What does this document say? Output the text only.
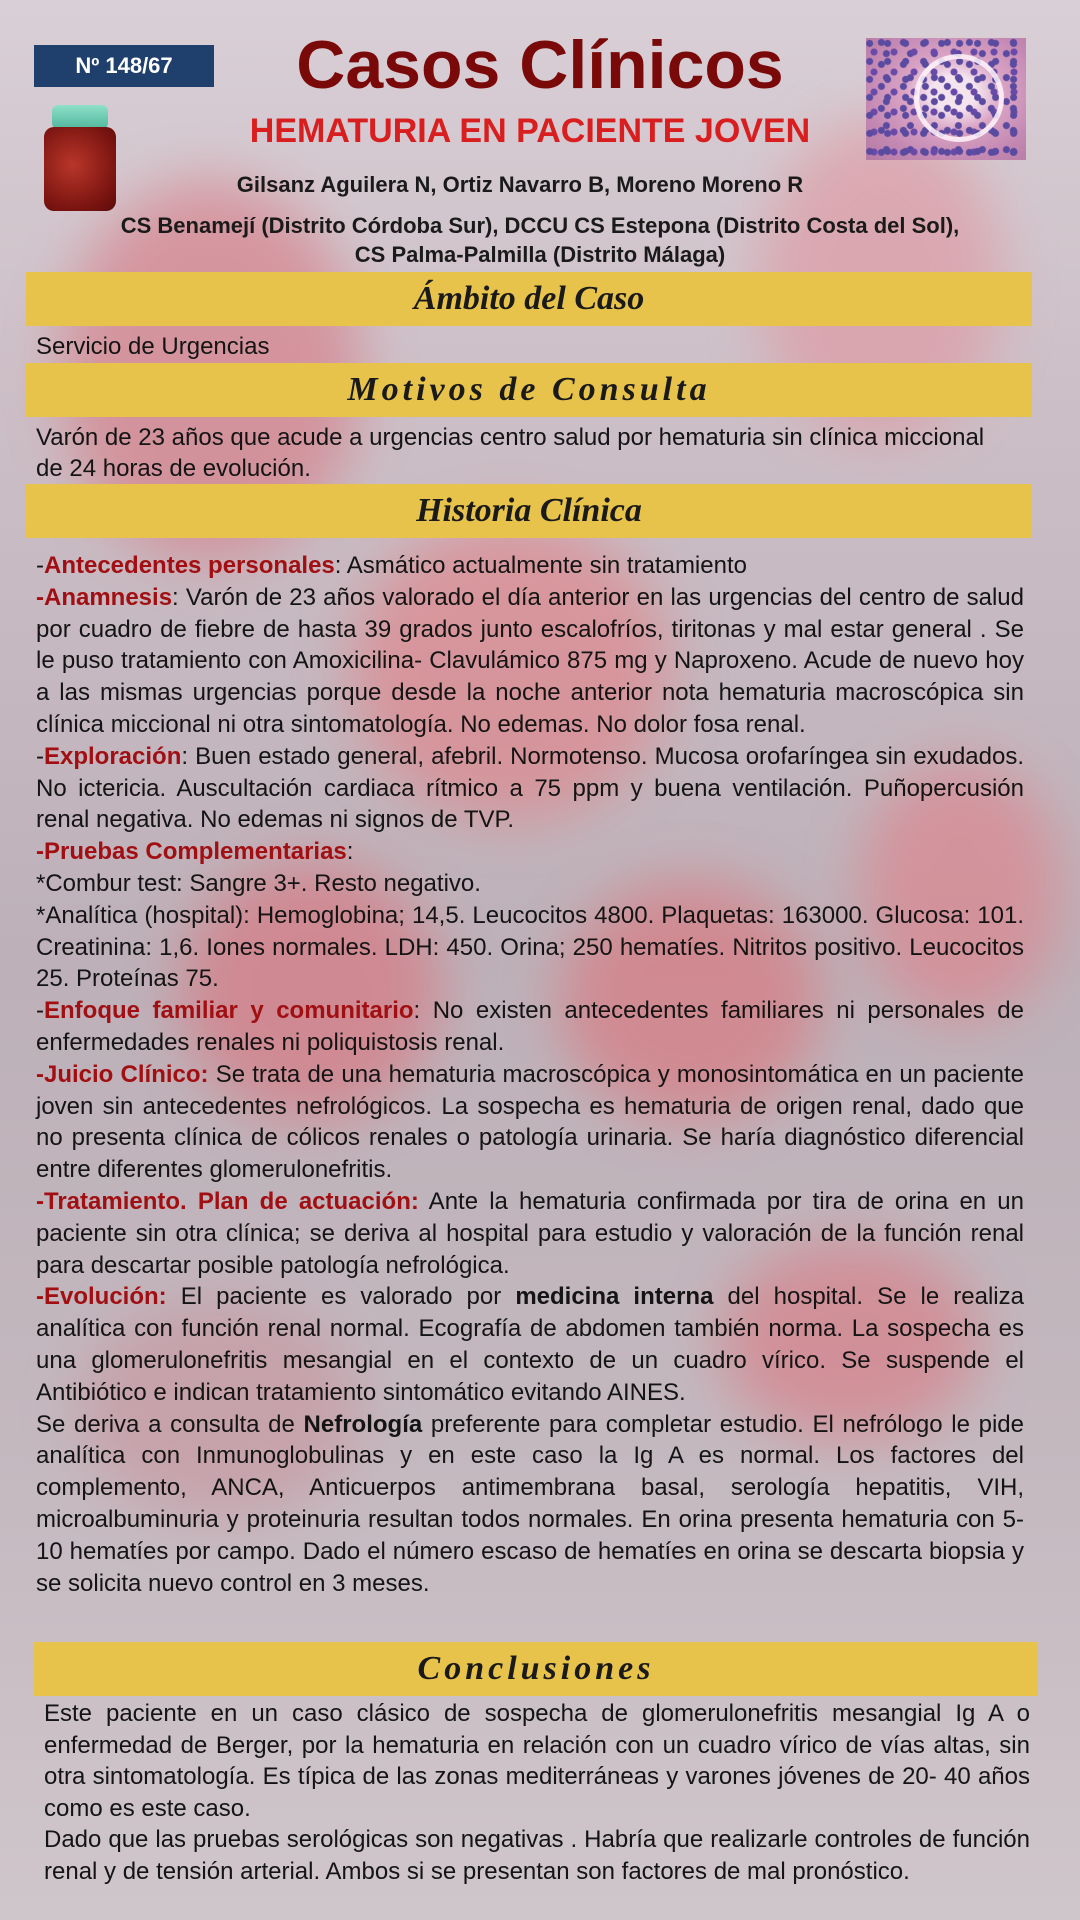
Nº 148/67	Casos Clínicos
HEMATURIA EN PACIENTE JOVEN
Gilsanz Aguilera N, Ortiz Navarro B, Moreno Moreno R
CS Benamejí (Distrito Córdoba Sur), DCCU CS Estepona (Distrito Costa del Sol),
CS Palma-Palmilla (Distrito Málaga)
Ámbito del Caso
Servicio de Urgencias
Motivos de Consulta
Varón de 23 años que acude a urgencias centro salud por hematuria sin clínica miccional de 24 horas de evolución.
Historia Clínica

-Antecedentes personales: Asmático actualmente sin tratamiento

-Anamnesis: Varón de 23 años valorado el día anterior en las urgencias del centro de salud por cuadro de fiebre de hasta 39 grados junto escalofríos, tiritonas y mal estar general . Se le puso tratamiento con Amoxicilina- Clavulámico 875 mg y Naproxeno. Acude de nuevo hoy a las mismas urgencias porque desde la noche anterior nota hematuria macroscópica sin clínica miccional ni otra sintomatología. No edemas. No dolor fosa renal.

-Exploración: Buen estado general, afebril. Normotenso. Mucosa orofaríngea sin exudados. No ictericia. Auscultación cardiaca rítmico a 75 ppm y buena ventilación. Puñopercusión renal negativa. No edemas ni signos de TVP.

-Pruebas Complementarias:

*Combur test: Sangre 3+. Resto negativo.

*Analítica (hospital): Hemoglobina; 14,5. Leucocitos 4800. Plaquetas: 163000. Glucosa: 101. Creatinina: 1,6. Iones normales. LDH: 450. Orina; 250 hematíes. Nitritos positivo. Leucocitos 25. Proteínas 75.

-Enfoque familiar y comunitario: No existen antecedentes familiares ni personales de enfermedades renales ni poliquistosis renal.

-Juicio Clínico: Se trata de una hematuria macroscópica y monosintomática en un paciente joven sin antecedentes nefrológicos. La sospecha es hematuria de origen renal, dado que no presenta clínica de cólicos renales o patología urinaria. Se haría diagnóstico diferencial entre diferentes glomerulonefritis.

-Tratamiento. Plan de actuación: Ante la hematuria confirmada por tira de orina en un paciente sin otra clínica; se deriva al hospital para estudio y valoración de la función renal para descartar posible patología nefrológica.

-Evolución: El paciente es valorado por medicina interna del hospital. Se le realiza analítica con función renal normal. Ecografía de abdomen también norma. La sospecha es una glomerulonefritis mesangial en el contexto de un cuadro vírico. Se suspende el Antibiótico e indican tratamiento sintomático evitando AINES.

Se deriva a consulta de Nefrología preferente para completar estudio. El nefrólogo le pide analítica con Inmunoglobulinas y en este caso la Ig A es normal. Los factores del complemento, ANCA, Anticuerpos antimembrana basal, serología hepatitis, VIH, microalbuminuria y proteinuria resultan todos normales. En orina presenta hematuria con 5-10 hematíes por campo. Dado el número escaso de hematíes en orina se descarta biopsia y se solicita nuevo control en 3 meses.

Conclusiones

Este paciente en un caso clásico de sospecha de glomerulonefritis mesangial Ig A o enfermedad de Berger, por la hematuria en relación con un cuadro vírico de vías altas, sin otra sintomatología. Es típica de las zonas mediterráneas y varones jóvenes de 20- 40 años como es este caso.

Dado que las pruebas serológicas son negativas . Habría que realizarle controles de función renal y de tensión arterial. Ambos si se presentan son factores de mal pronóstico.
